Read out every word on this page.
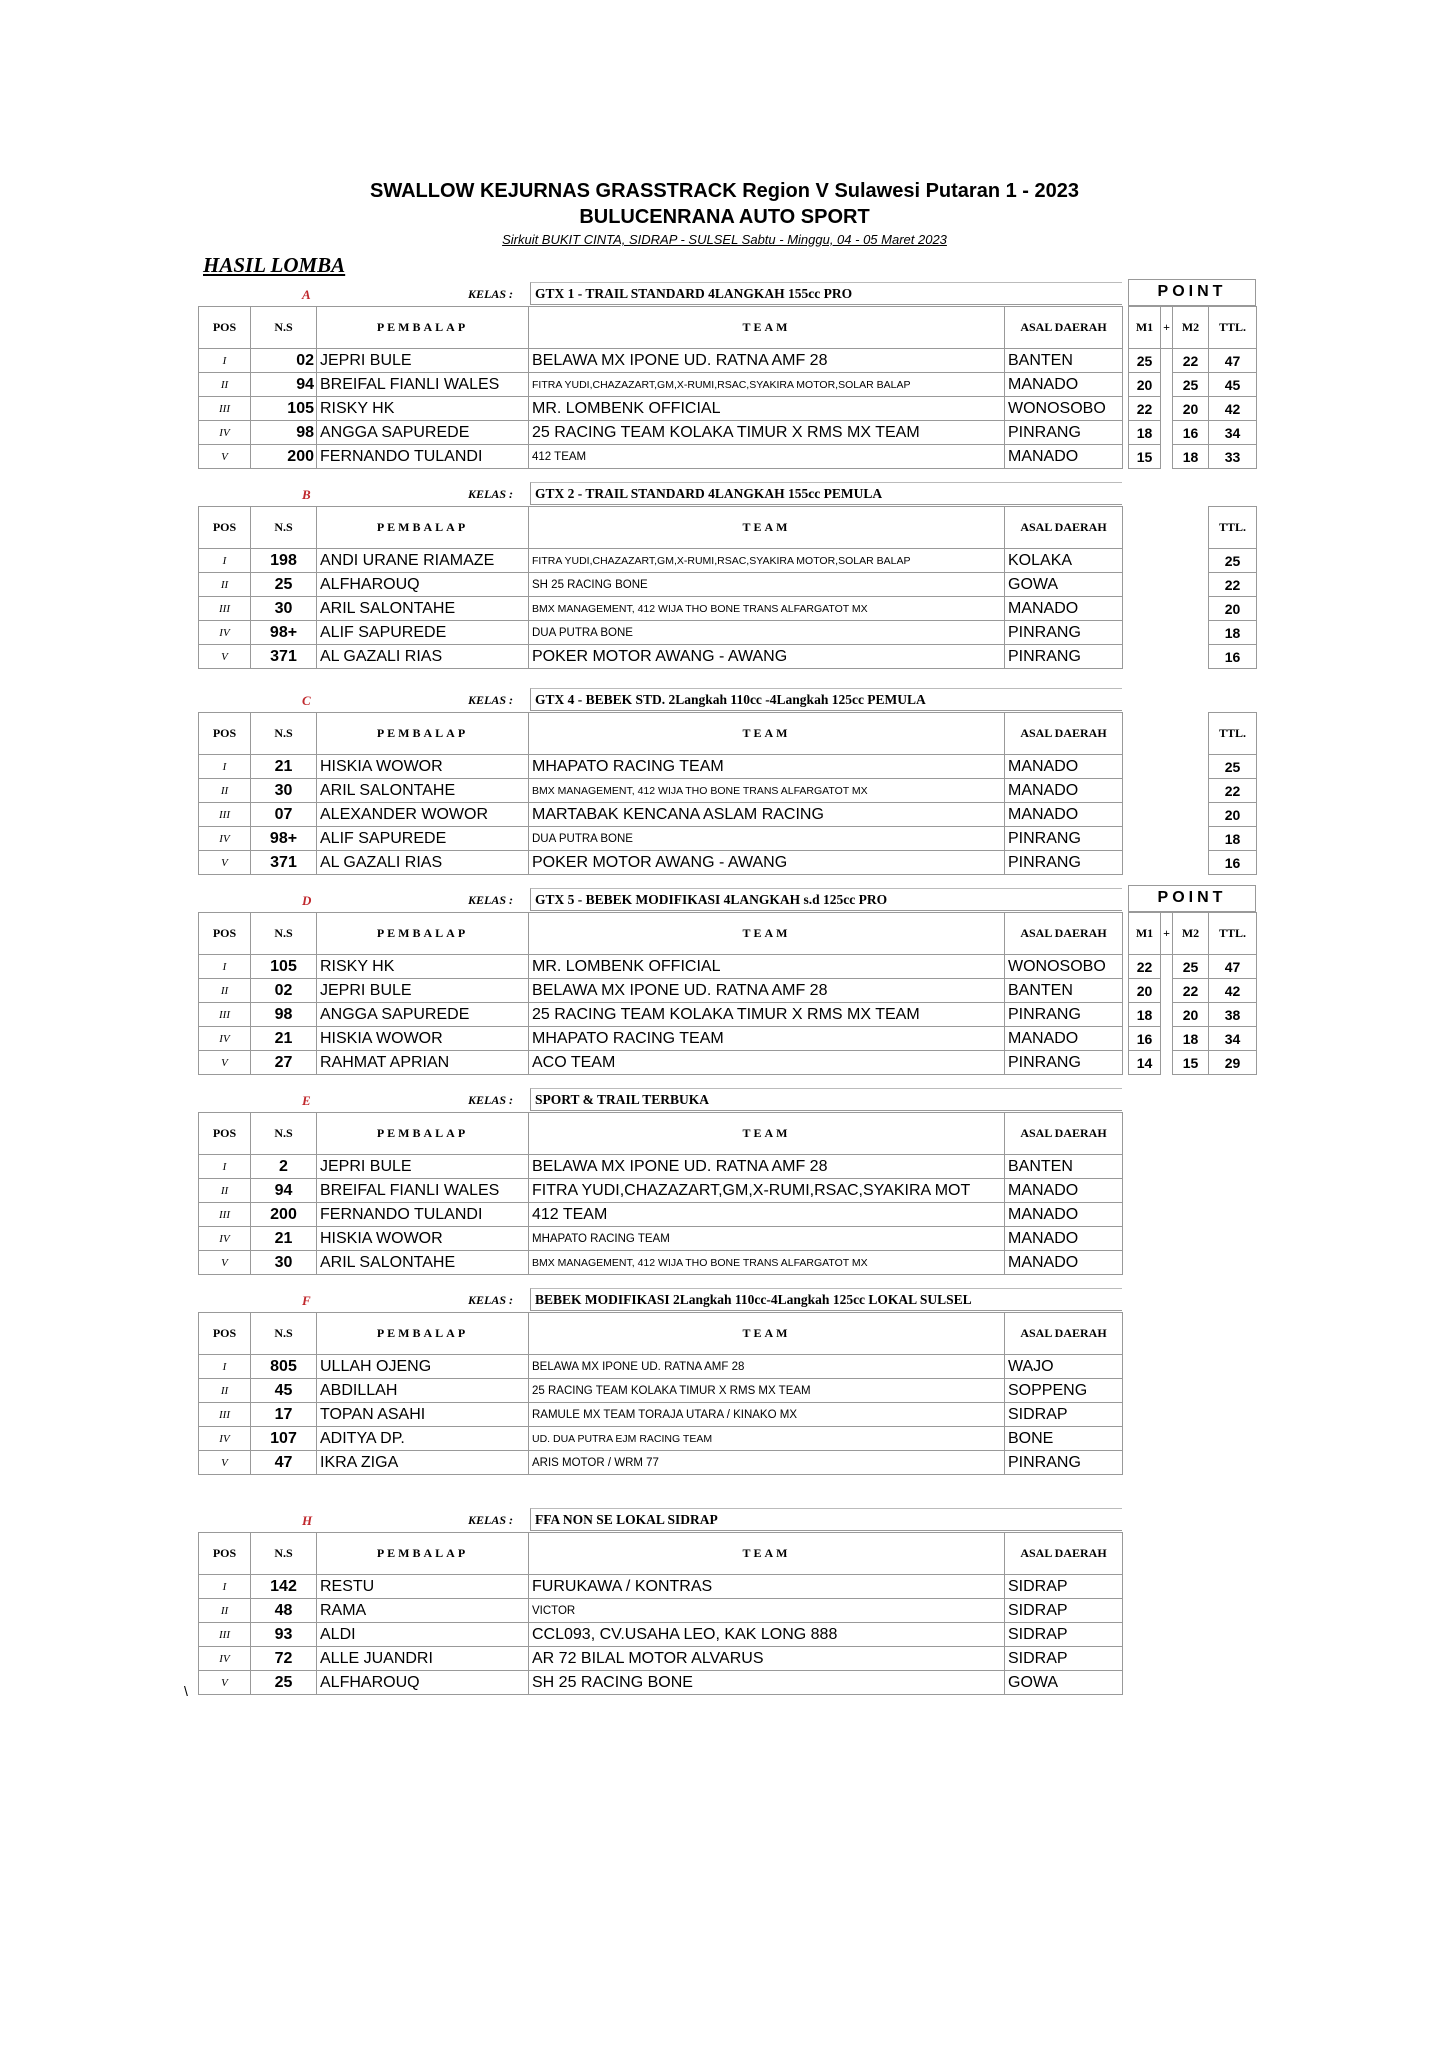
SWALLOW KEJURNAS GRASSTRACK Region V Sulawesi Putaran 1 - 2023
BULUCENRANA AUTO SPORT
Sirkuit BUKIT CINTA, SIDRAP - SULSEL Sabtu - Minggu, 04 - 05 Maret 2023
HASIL LOMBA
A	KELAS :	GTX 1 - TRAIL STANDARD 4LANGKAH 155cc PRO	POINT
POS	N.S	PEMBALAP	TEAM	ASAL DAERAH		M1	+	M2	TTL.
I	02	JEPRI BULE	BELAWA MX IPONE UD. RATNA AMF 28	BANTEN		25		22	47
II	94	BREIFAL FIANLI WALES	FITRA YUDI,CHAZAZART,GM,X-RUMI,RSAC,SYAKIRA MOTOR,SOLAR BALAP	MANADO		20		25	45
III	105	RISKY HK	MR. LOMBENK OFFICIAL	WONOSOBO		22		20	42
IV	98	ANGGA SAPUREDE	25 RACING TEAM KOLAKA TIMUR X RMS MX TEAM	PINRANG		18		16	34
V	200	FERNANDO TULANDI	412 TEAM	MANADO		15		18	33
B	KELAS :	GTX 2 - TRAIL STANDARD 4LANGKAH 155cc PEMULA
POS	N.S	PEMBALAP	TEAM	ASAL DAERAH		TTL.
I	198	ANDI URANE RIAMAZE	FITRA YUDI,CHAZAZART,GM,X-RUMI,RSAC,SYAKIRA MOTOR,SOLAR BALAP	KOLAKA		25
II	25	ALFHAROUQ	SH 25 RACING BONE	GOWA		22
III	30	ARIL SALONTAHE	BMX MANAGEMENT, 412 WIJA THO BONE TRANS ALFARGATOT MX	MANADO		20
IV	98+	ALIF SAPUREDE	DUA PUTRA BONE	PINRANG		18
V	371	AL GAZALI RIAS	POKER MOTOR AWANG - AWANG	PINRANG		16
C	KELAS :	GTX 4 - BEBEK STD. 2Langkah 110cc -4Langkah 125cc PEMULA
POS	N.S	PEMBALAP	TEAM	ASAL DAERAH		TTL.
I	21	HISKIA WOWOR	MHAPATO RACING TEAM	MANADO		25
II	30	ARIL SALONTAHE	BMX MANAGEMENT, 412 WIJA THO BONE TRANS ALFARGATOT MX	MANADO		22
III	07	ALEXANDER WOWOR	MARTABAK KENCANA ASLAM RACING	MANADO		20
IV	98+	ALIF SAPUREDE	DUA PUTRA BONE	PINRANG		18
V	371	AL GAZALI RIAS	POKER MOTOR AWANG - AWANG	PINRANG		16
D	KELAS :	GTX 5 - BEBEK MODIFIKASI 4LANGKAH s.d 125cc PRO	POINT
POS	N.S	PEMBALAP	TEAM	ASAL DAERAH		M1	+	M2	TTL.
I	105	RISKY HK	MR. LOMBENK OFFICIAL	WONOSOBO		22		25	47
II	02	JEPRI BULE	BELAWA MX IPONE UD. RATNA AMF 28	BANTEN		20		22	42
III	98	ANGGA SAPUREDE	25 RACING TEAM KOLAKA TIMUR X RMS MX TEAM	PINRANG		18		20	38
IV	21	HISKIA WOWOR	MHAPATO RACING TEAM	MANADO		16		18	34
V	27	RAHMAT APRIAN	ACO TEAM	PINRANG		14		15	29
E	KELAS :	SPORT & TRAIL TERBUKA
POS	N.S	PEMBALAP	TEAM	ASAL DAERAH
I	2	JEPRI BULE	BELAWA MX IPONE UD. RATNA AMF 28	BANTEN
II	94	BREIFAL FIANLI WALES	FITRA YUDI,CHAZAZART,GM,X-RUMI,RSAC,SYAKIRA MOT	MANADO
III	200	FERNANDO TULANDI	412 TEAM	MANADO
IV	21	HISKIA WOWOR	MHAPATO RACING TEAM	MANADO
V	30	ARIL SALONTAHE	BMX MANAGEMENT, 412 WIJA THO BONE TRANS ALFARGATOT MX	MANADO
F	KELAS :	BEBEK MODIFIKASI 2Langkah 110cc-4Langkah 125cc LOKAL SULSEL
POS	N.S	PEMBALAP	TEAM	ASAL DAERAH
I	805	ULLAH OJENG	BELAWA MX IPONE UD. RATNA AMF 28	WAJO
II	45	ABDILLAH	25 RACING TEAM KOLAKA TIMUR X RMS MX TEAM	SOPPENG
III	17	TOPAN ASAHI	RAMULE MX TEAM TORAJA UTARA / KINAKO MX	SIDRAP
IV	107	ADITYA DP.	UD. DUA PUTRA EJM RACING TEAM	BONE
V	47	IKRA ZIGA	ARIS MOTOR / WRM 77	PINRANG
H	KELAS :	FFA NON SE LOKAL SIDRAP
POS	N.S	PEMBALAP	TEAM	ASAL DAERAH
I	142	RESTU	FURUKAWA / KONTRAS	SIDRAP
II	48	RAMA	VICTOR	SIDRAP
III	93	ALDI	CCL093, CV.USAHA LEO, KAK LONG 888	SIDRAP
IV	72	ALLE JUANDRI	AR 72 BILAL MOTOR ALVARUS	SIDRAP
V	25	ALFHAROUQ	SH 25 RACING BONE	GOWA
\
